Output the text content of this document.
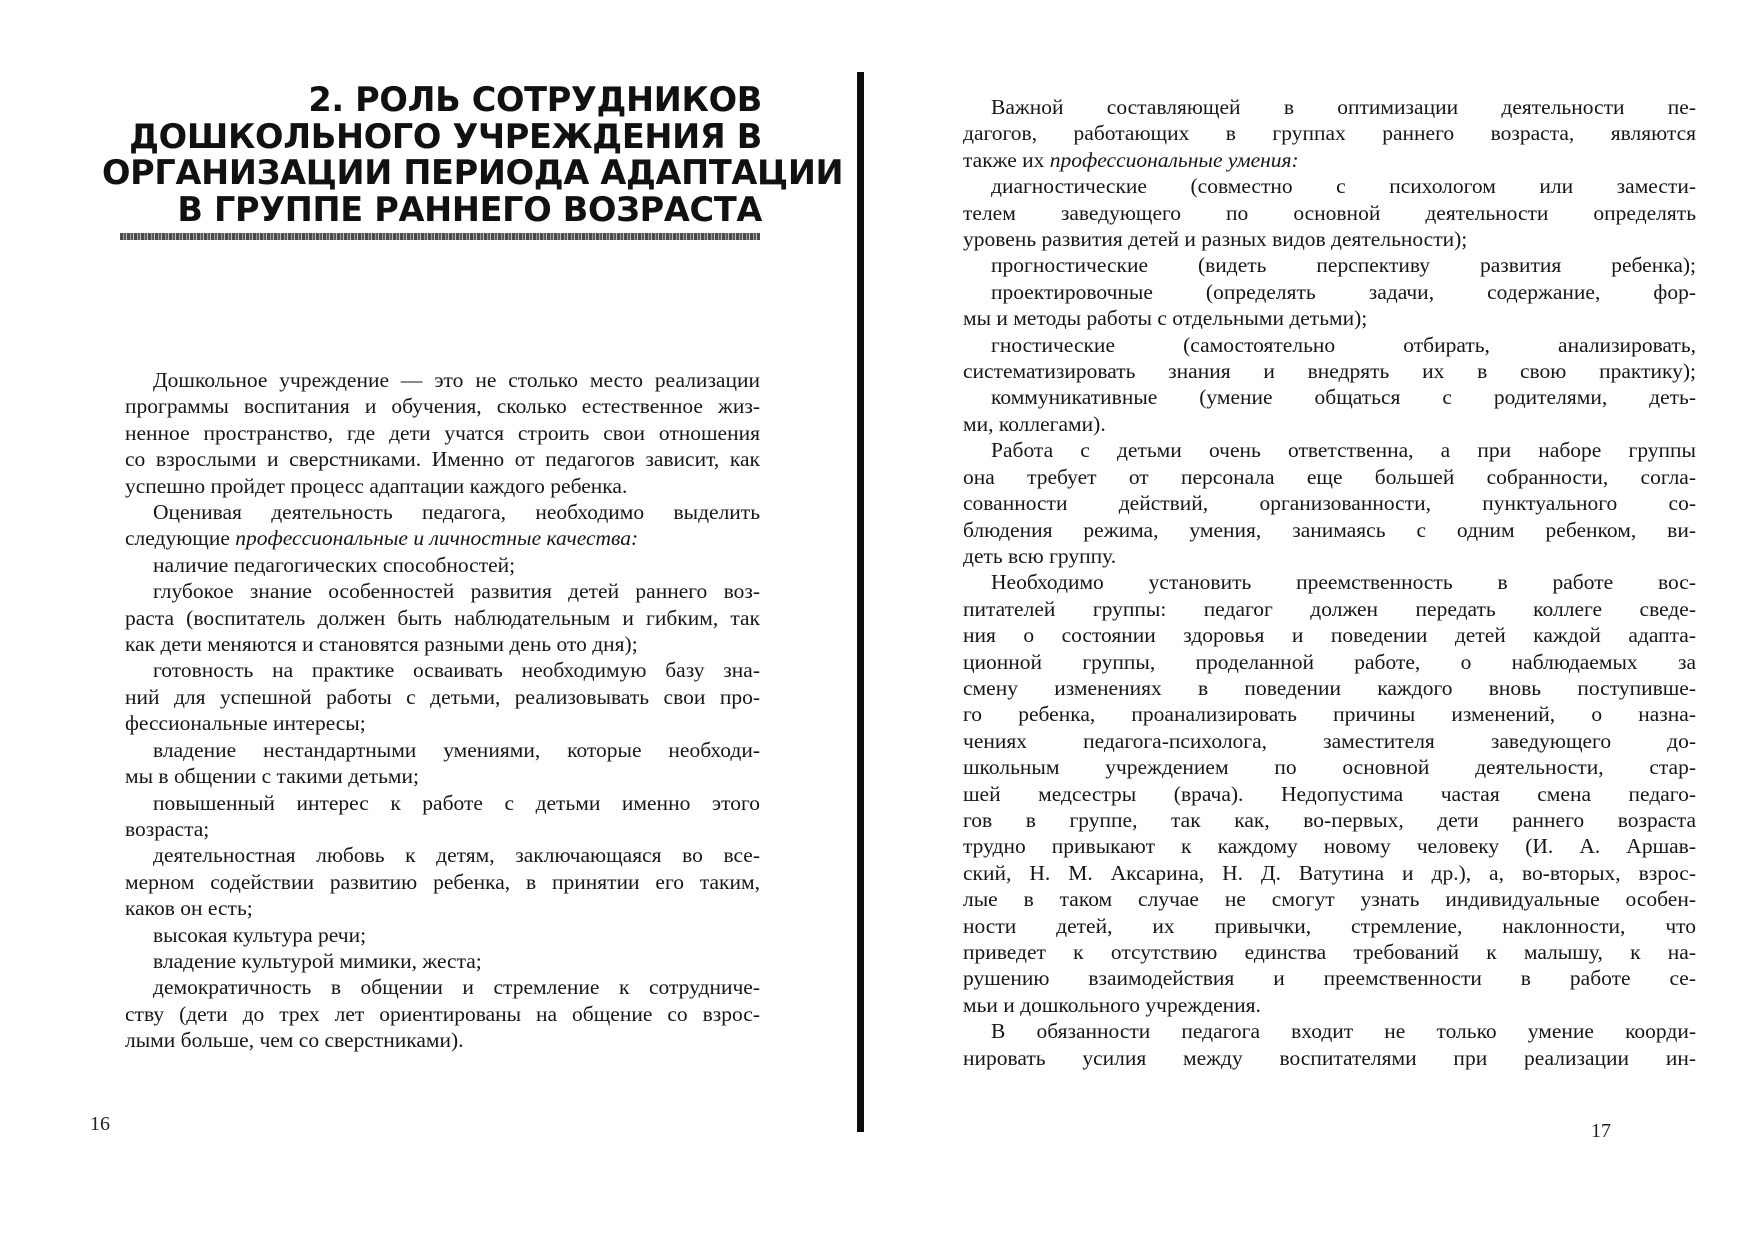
2. РОЛЬ СОТРУДНИКОВ
ДОШКОЛЬНОГО УЧРЕЖДЕНИЯ В
ОРГАНИЗАЦИИ ПЕРИОДА АДАПТАЦИИ
В ГРУППЕ РАННЕГО ВОЗРАСТА
Дошкольное учреждение — это не столько место реализации
программы воспитания и обучения, сколько естественное жиз-
ненное пространство, где дети учатся строить свои отношения
со взрослыми и сверстниками. Именно от педагогов зависит, как
успешно пройдет процесс адаптации каждого ребенка.
Оценивая деятельность педагога, необходимо выделить
следующие профессиональные и личностные качества:
наличие педагогических способностей;
глубокое знание особенностей развития детей раннего воз-
раста (воспитатель должен быть наблюдательным и гибким, так
как дети меняются и становятся разными день ото дня);
готовность на практике осваивать необходимую базу зна-
ний для успешной работы с детьми, реализовывать свои про-
фессиональные интересы;
владение нестандартными умениями, которые необходи-
мы в общении с такими детьми;
повышенный интерес к работе с детьми именно этого
возраста;
деятельностная любовь к детям, заключающаяся во все-
мерном содействии развитию ребенка, в принятии его таким,
каков он есть;
высокая культура речи;
владение культурой мимики, жеста;
демократичность в общении и стремление к сотрудниче-
ству (дети до трех лет ориентированы на общение со взрос-
лыми больше, чем со сверстниками).
16
Важной составляющей в оптимизации деятельности пе-
дагогов, работающих в группах раннего возраста, являются
также их профессиональные умения:
диагностические (совместно с психологом или замести-
телем заведующего по основной деятельности определять
уровень развития детей и разных видов деятельности);
прогностические (видеть перспективу развития ребенка);
проектировочные (определять задачи, содержание, фор-
мы и методы работы с отдельными детьми);
гностические (самостоятельно отбирать, анализировать,
систематизировать знания и внедрять их в свою практику);
коммуникативные (умение общаться с родителями, деть-
ми, коллегами).
Работа с детьми очень ответственна, а при наборе группы
она требует от персонала еще большей собранности, согла-
сованности действий, организованности, пунктуального со-
блюдения режима, умения, занимаясь с одним ребенком, ви-
деть всю группу.
Необходимо установить преемственность в работе вос-
питателей группы: педагог должен передать коллеге сведе-
ния о состоянии здоровья и поведении детей каждой адапта-
ционной группы, проделанной работе, о наблюдаемых за
смену изменениях в поведении каждого вновь поступивше-
го ребенка, проанализировать причины изменений, о назна-
чениях педагога-психолога, заместителя заведующего до-
школьным учреждением по основной деятельности, стар-
шей медсестры (врача). Недопустима частая смена педаго-
гов в группе, так как, во-первых, дети раннего возраста
трудно привыкают к каждому новому человеку (И. А. Аршав-
ский, Н. М. Аксарина, Н. Д. Ватутина и др.), а, во-вторых, взрос-
лые в таком случае не смогут узнать индивидуальные особен-
ности детей, их привычки, стремление, наклонности, что
приведет к отсутствию единства требований к малышу, к на-
рушению взаимодействия и преемственности в работе се-
мьи и дошкольного учреждения.
В обязанности педагога входит не только умение коорди-
нировать усилия между воспитателями при реализации ин-
17
